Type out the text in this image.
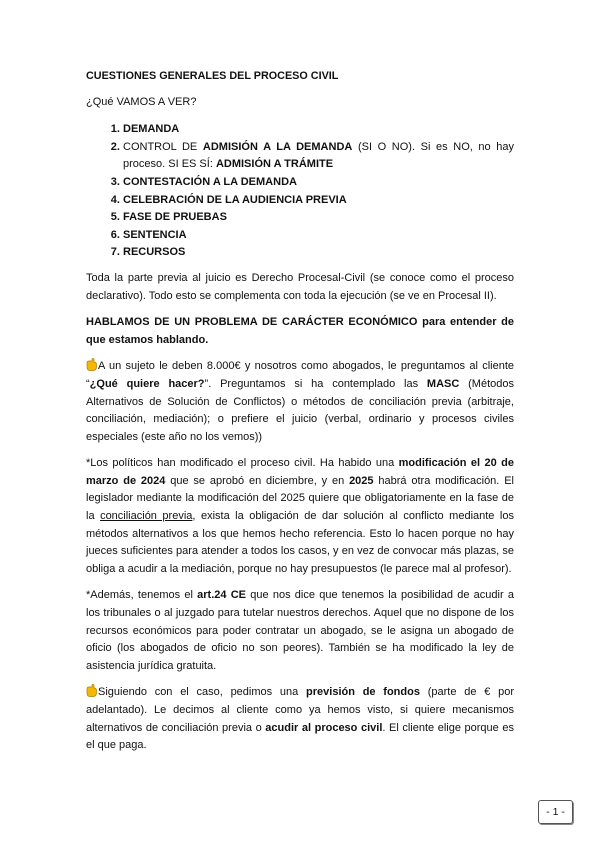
CUESTIONES GENERALES DEL PROCESO CIVIL

¿Qué VAMOS A VER?

1. DEMANDA
2. CONTROL DE ADMISIÓN A LA DEMANDA (SI O NO). Si es NO, no hay proceso. SI ES SÍ: ADMISIÓN A TRÁMITE
3. CONTESTACIÓN A LA DEMANDA
4. CELEBRACIÓN DE LA AUDIENCIA PREVIA
5. FASE DE PRUEBAS
6. SENTENCIA
7. RECURSOS

Toda la parte previa al juicio es Derecho Procesal-Civil (se conoce como el proceso declarativo). Todo esto se complementa con toda la ejecución (se ve en Procesal II).

HABLAMOS DE UN PROBLEMA DE CARÁCTER ECONÓMICO para entender de que estamos hablando.

A un sujeto le deben 8.000€ y nosotros como abogados, le preguntamos al cliente “¿Qué quiere hacer?”. Preguntamos si ha contemplado las MASC (Métodos Alternativos de Solución de Conflictos) o métodos de conciliación previa (arbitraje, conciliación, mediación); o prefiere el juicio (verbal, ordinario y procesos civiles especiales (este año no los vemos))

*Los políticos han modificado el proceso civil. Ha habido una modificación el 20 de marzo de 2024 que se aprobó en diciembre, y en 2025 habrá otra modificación. El legislador mediante la modificación del 2025 quiere que obligatoriamente en la fase de la conciliación previa, exista la obligación de dar solución al conflicto mediante los métodos alternativos a los que hemos hecho referencia. Esto lo hacen porque no hay jueces suficientes para atender a todos los casos, y en vez de convocar más plazas, se obliga a acudir a la mediación, porque no hay presupuestos (le parece mal al profesor).

*Además, tenemos el art.24 CE que nos dice que tenemos la posibilidad de acudir a los tribunales o al juzgado para tutelar nuestros derechos. Aquel que no dispone de los recursos económicos para poder contratar un abogado, se le asigna un abogado de oficio (los abogados de oficio no son peores). También se ha modificado la ley de asistencia jurídica gratuita.

Siguiendo con el caso, pedimos una previsión de fondos (parte de € por adelantado). Le decimos al cliente como ya hemos visto, si quiere mecanismos alternativos de conciliación previa o acudir al proceso civil. El cliente elige porque es el que paga.

- 1 -
